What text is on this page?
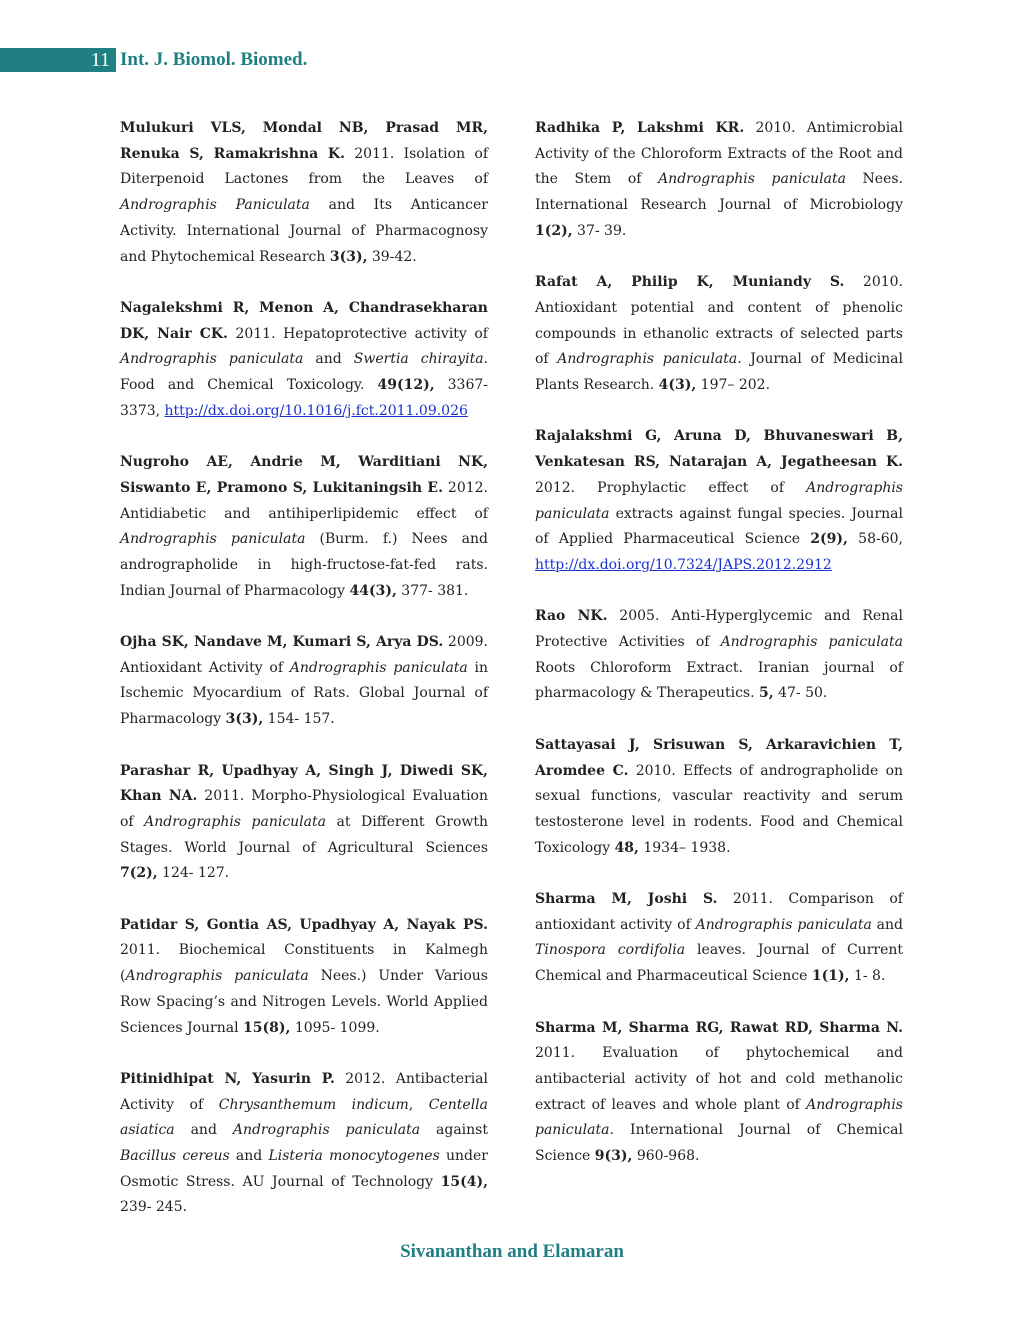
11 Int. J. Biomol. Biomed.

Mulukuri VLS, Mondal NB, Prasad MR, Renuka S, Ramakrishna K. 2011. Isolation of Diterpenoid Lactones from the Leaves of Andrographis Paniculata and Its Anticancer Activity. International Journal of Pharmacognosy and Phytochemical Research 3(3), 39-42.

Nagalekshmi R, Menon A, Chandrasekharan DK, Nair CK. 2011. Hepatoprotective activity of Andrographis paniculata and Swertia chirayita. Food and Chemical Toxicology. 49(12), 3367- 3373, http://dx.doi.org/10.1016/j.fct.2011.09.026

Nugroho AE, Andrie M, Warditiani NK, Siswanto E, Pramono S, Lukitaningsih E. 2012. Antidiabetic and antihiperlipidemic effect of Andrographis paniculata (Burm. f.) Nees and andrographolide in high-fructose-fat-fed rats. Indian Journal of Pharmacology 44(3), 377- 381.

Ojha SK, Nandave M, Kumari S, Arya DS. 2009. Antioxidant Activity of Andrographis paniculata in Ischemic Myocardium of Rats. Global Journal of Pharmacology 3(3), 154- 157.

Parashar R, Upadhyay A, Singh J, Diwedi SK, Khan NA. 2011. Morpho-Physiological Evaluation of Andrographis paniculata at Different Growth Stages. World Journal of Agricultural Sciences 7(2), 124- 127.

Patidar S, Gontia AS, Upadhyay A, Nayak PS. 2011. Biochemical Constituents in Kalmegh (Andrographis paniculata Nees.) Under Various Row Spacing’s and Nitrogen Levels. World Applied Sciences Journal 15(8), 1095- 1099.

Pitinidhipat N, Yasurin P. 2012. Antibacterial Activity of Chrysanthemum indicum, Centella asiatica and Andrographis paniculata against Bacillus cereus and Listeria monocytogenes under Osmotic Stress. AU Journal of Technology 15(4), 239- 245.

Radhika P, Lakshmi KR. 2010. Antimicrobial Activity of the Chloroform Extracts of the Root and the Stem of Andrographis paniculata Nees. International Research Journal of Microbiology 1(2), 37- 39.

Rafat A, Philip K, Muniandy S. 2010. Antioxidant potential and content of phenolic compounds in ethanolic extracts of selected parts of Andrographis paniculata. Journal of Medicinal Plants Research. 4(3), 197– 202.

Rajalakshmi G, Aruna D, Bhuvaneswari B, Venkatesan RS, Natarajan A, Jegatheesan K. 2012. Prophylactic effect of Andrographis paniculata extracts against fungal species. Journal of Applied Pharmaceutical Science 2(9), 58-60, http://dx.doi.org/10.7324/JAPS.2012.2912

Rao NK. 2005. Anti-Hyperglycemic and Renal Protective Activities of Andrographis paniculata Roots Chloroform Extract. Iranian journal of pharmacology & Therapeutics. 5, 47- 50.

Sattayasai J, Srisuwan S, Arkaravichien T, Aromdee C. 2010. Effects of andrographolide on sexual functions, vascular reactivity and serum testosterone level in rodents. Food and Chemical Toxicology 48, 1934– 1938.

Sharma M, Joshi S. 2011. Comparison of antioxidant activity of Andrographis paniculata and Tinospora cordifolia leaves. Journal of Current Chemical and Pharmaceutical Science 1(1), 1- 8.

Sharma M, Sharma RG, Rawat RD, Sharma N. 2011. Evaluation of phytochemical and antibacterial activity of hot and cold methanolic extract of leaves and whole plant of Andrographis paniculata. International Journal of Chemical Science 9(3), 960-968.

Sivananthan and Elamaran
